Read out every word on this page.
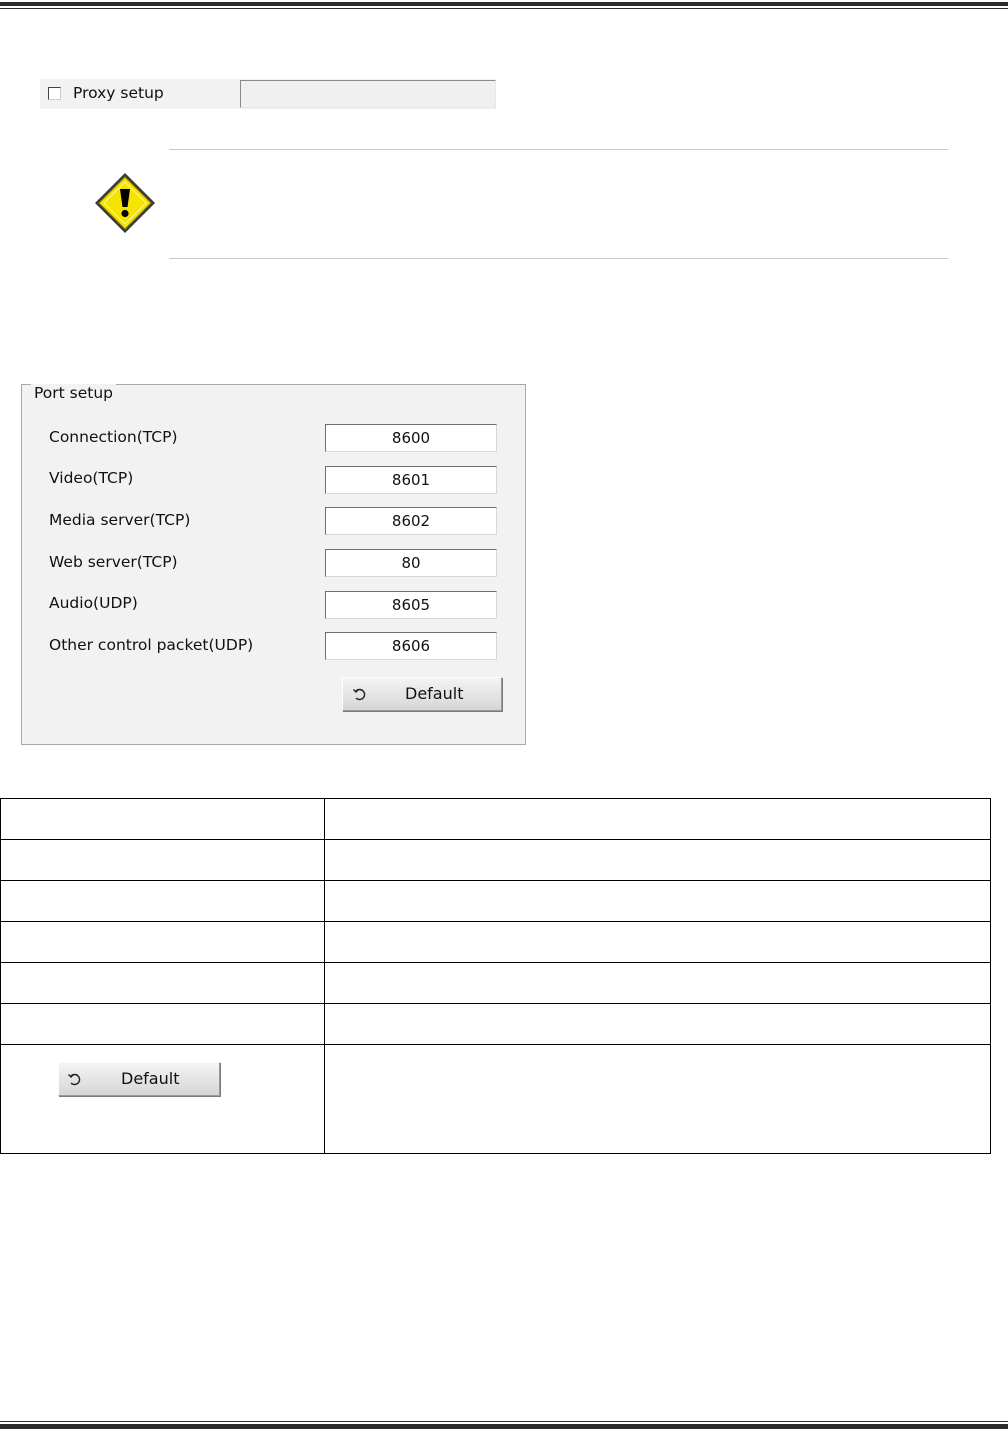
Proxy setup
Port setup
Connection(TCP)	8600
Video(TCP)	8601
Media server(TCP)	8602
Web server(TCP)	80
Audio(UDP)	8605
Other control packet(UDP)	8606
Default

Default	
